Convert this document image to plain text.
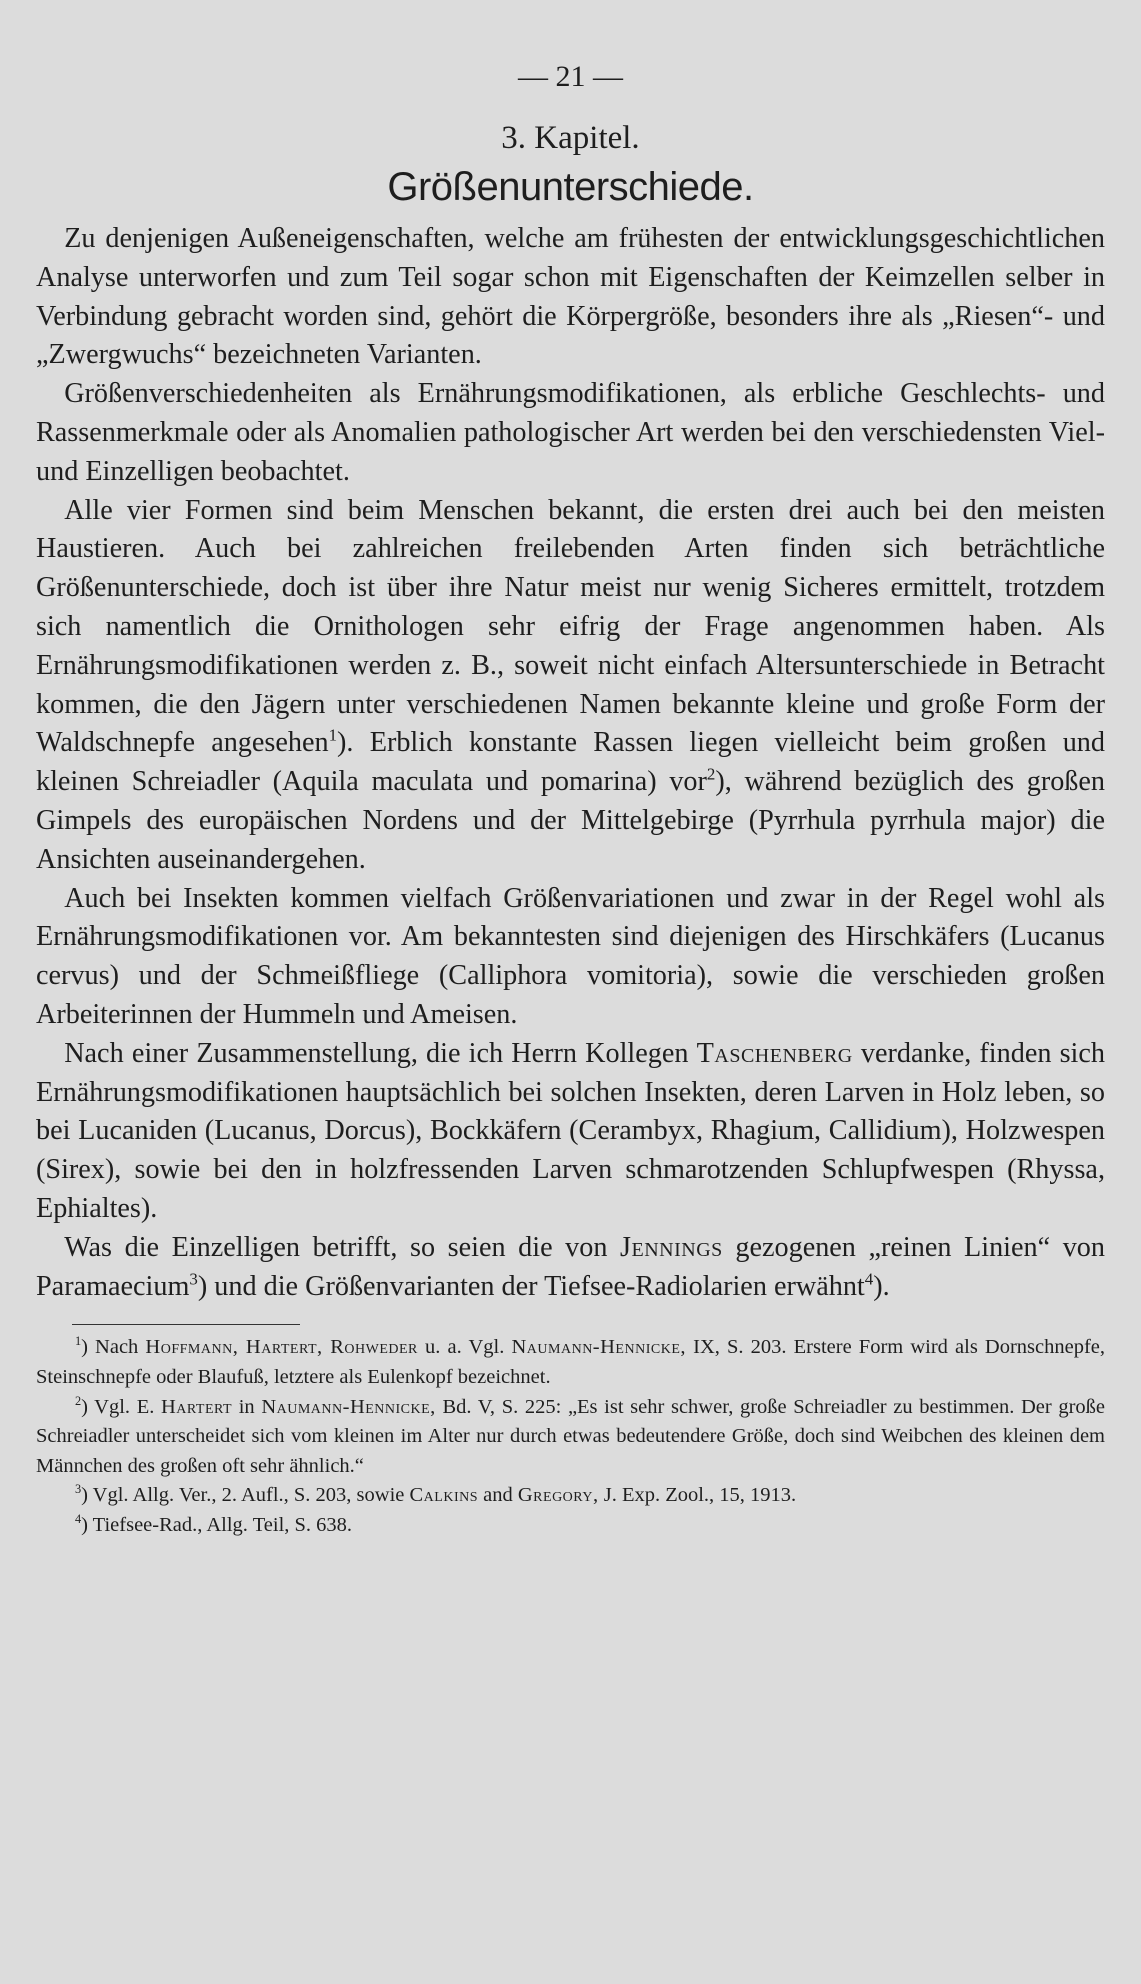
— 21 —
3. Kapitel.
Größenunterschiede.

Zu denjenigen Außeneigenschaften, welche am frühesten der entwicklungsgeschichtlichen Analyse unterworfen und zum Teil sogar schon mit Eigenschaften der Keimzellen selber in Verbindung gebracht worden sind, gehört die Körpergröße, besonders ihre als „Riesen“- und „Zwergwuchs“ bezeichneten Varianten.

Größenverschiedenheiten als Ernährungsmodifikationen, als erbliche Geschlechts- und Rassenmerkmale oder als Anomalien pathologischer Art werden bei den verschiedensten Viel- und Einzelligen beobachtet.

Alle vier Formen sind beim Menschen bekannt, die ersten drei auch bei den meisten Haustieren. Auch bei zahlreichen freilebenden Arten finden sich beträchtliche Größenunterschiede, doch ist über ihre Natur meist nur wenig Sicheres ermittelt, trotzdem sich namentlich die Ornithologen sehr eifrig der Frage angenommen haben. Als Ernährungsmodifikationen werden z. B., soweit nicht einfach Altersunterschiede in Betracht kommen, die den Jägern unter verschiedenen Namen bekannte kleine und große Form der Waldschnepfe angesehen$^1$). Erblich konstante Rassen liegen vielleicht beim großen und kleinen Schreiadler (Aquila maculata und pomarina) vor$^2$), während bezüglich des großen Gimpels des europäischen Nordens und der Mittelgebirge (Pyrrhula pyrrhula major) die Ansichten auseinandergehen.

Auch bei Insekten kommen vielfach Größenvariationen und zwar in der Regel wohl als Ernährungsmodifikationen vor. Am bekanntesten sind diejenigen des Hirschkäfers (Lucanus cervus) und der Schmeißfliege (Calliphora vomitoria), sowie die verschieden großen Arbeiterinnen der Hummeln und Ameisen.

Nach einer Zusammenstellung, die ich Herrn Kollegen Taschenberg verdanke, finden sich Ernährungsmodifikationen hauptsächlich bei solchen Insekten, deren Larven in Holz leben, so bei Lucaniden (Lucanus, Dorcus), Bockkäfern (Cerambyx, Rhagium, Callidium), Holzwespen (Sirex), sowie bei den in holzfressenden Larven schmarotzenden Schlupfwespen (Rhyssa, Ephialtes).

Was die Einzelligen betrifft, so seien die von Jennings gezogenen „reinen Linien“ von Paramaecium$^3$) und die Größenvarianten der Tiefsee-Radiolarien erwähnt$^4$).

$^1$) Nach Hoffmann, Hartert, Rohweder u. a. Vgl. Naumann-Hennicke, IX, S. 203. Erstere Form wird als Dornschnepfe, Steinschnepfe oder Blaufuß, letztere als Eulenkopf bezeichnet.

$^2$) Vgl. E. Hartert in Naumann-Hennicke, Bd. V, S. 225: „Es ist sehr schwer, große Schreiadler zu bestimmen. Der große Schreiadler unterscheidet sich vom kleinen im Alter nur durch etwas bedeutendere Größe, doch sind Weibchen des kleinen dem Männchen des großen oft sehr ähnlich.“

$^3$) Vgl. Allg. Ver., 2. Aufl., S. 203, sowie Calkins and Gregory, J. Exp. Zool., 15, 1913.

$^4$) Tiefsee-Rad., Allg. Teil, S. 638.
